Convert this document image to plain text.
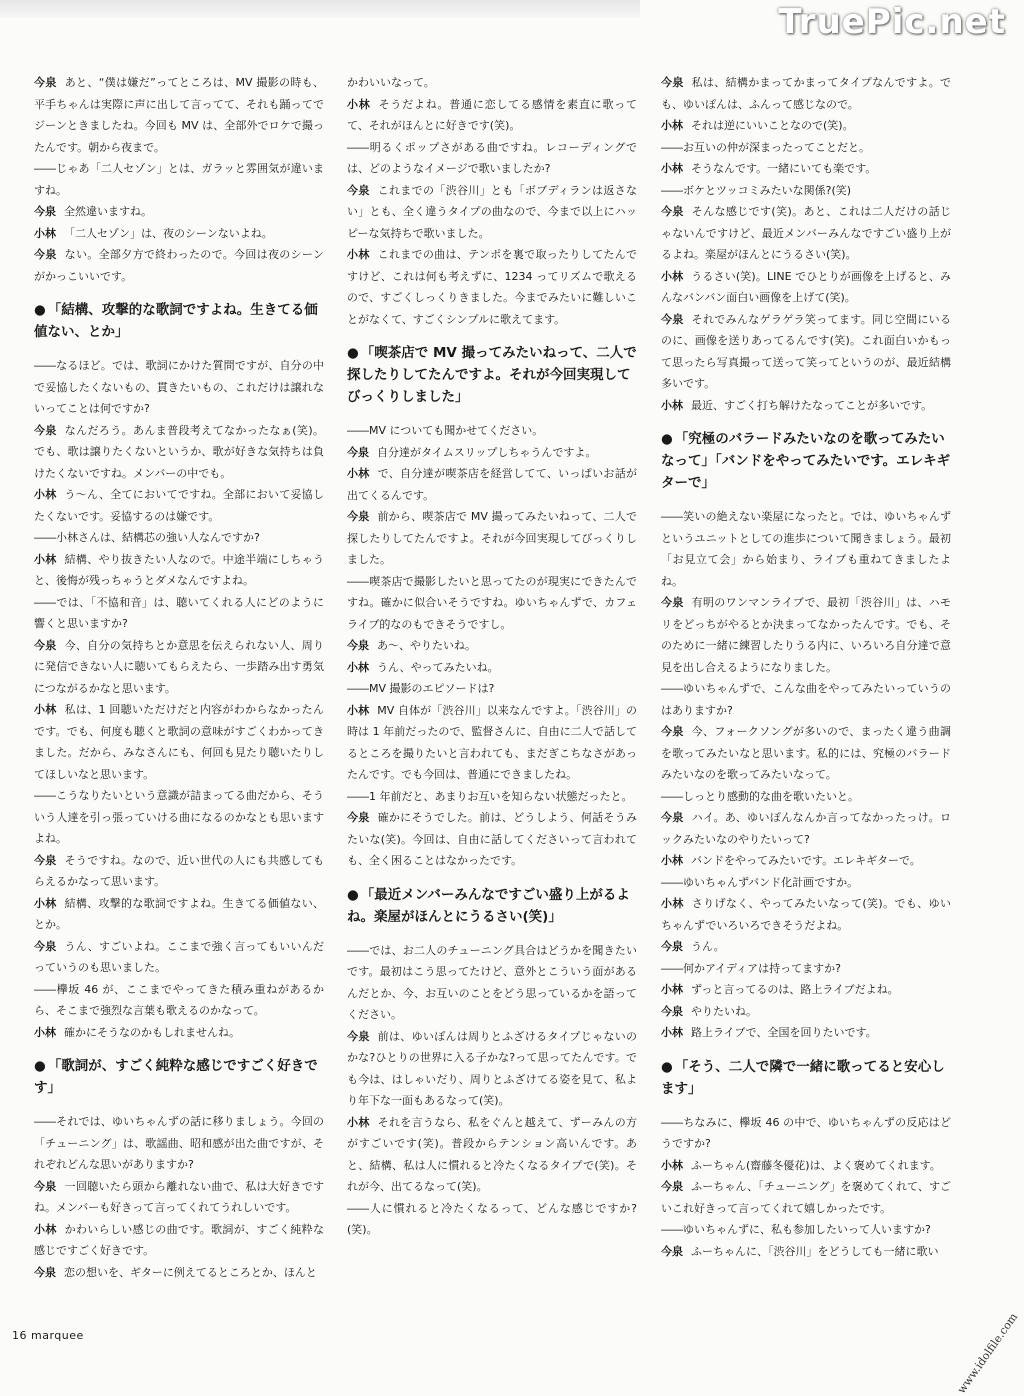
TruePic.net
今泉 あと、“僕は嫌だ”ってところは、MV 撮影の時も、平手ちゃんは実際に声に出して言ってて、それも踊ってでジーンときましたね。今回も MV は、全部外でロケで撮ったんです。朝から夜まで。
――じゃあ「二人セゾン」とは、ガラッと雰囲気が違いますね。
今泉 全然違いますね。
小林 「二人セゾン」は、夜のシーンないよね。
今泉 ない。全部夕方で終わったので。今回は夜のシーンがかっこいいです。
● 「結構、攻撃的な歌詞ですよね。生きてる価値ない、とか」
――なるほど。では、歌詞にかけた質問ですが、自分の中で妥協したくないもの、貫きたいもの、これだけは譲れないってことは何ですか?
今泉 なんだろう。あんま普段考えてなかったなぁ(笑)。でも、歌は譲りたくないというか、歌が好きな気持ちは負けたくないですね。メンバーの中でも。
小林 う〜ん、全てにおいてですね。全部において妥協したくないです。妥協するのは嫌です。
――小林さんは、結構芯の強い人なんですか?
小林 結構、やり抜きたい人なので。中途半端にしちゃうと、後悔が残っちゃうとダメなんですよね。
――では、「不協和音」は、聴いてくれる人にどのように響くと思いますか?
今泉 今、自分の気持ちとか意思を伝えられない人、周りに発信できない人に聴いてもらえたら、一歩踏み出す勇気につながるかなと思います。
小林 私は、1 回聴いただけだと内容がわからなかったんです。でも、何度も聴くと歌詞の意味がすごくわかってきました。だから、みなさんにも、何回も見たり聴いたりしてほしいなと思います。
――こうなりたいという意識が詰まってる曲だから、そういう人達を引っ張っていける曲になるのかなとも思いますよね。
今泉 そうですね。なので、近い世代の人にも共感してもらえるかなって思います。
小林 結構、攻撃的な歌詞ですよね。生きてる価値ない、とか。
今泉 うん、すごいよね。ここまで強く言ってもいいんだっていうのも思いました。
――欅坂 46 が、ここまでやってきた積み重ねがあるから、そこまで強烈な言葉も歌えるのかなって。
小林 確かにそうなのかもしれませんね。
● 「歌詞が、すごく純粋な感じですごく好きです」
――それでは、ゆいちゃんずの話に移りましょう。今回の「チューニング」は、歌謡曲、昭和感が出た曲ですが、それぞれどんな思いがありますか?
今泉 一回聴いたら頭から離れない曲で、私は大好きですね。メンバーも好きって言ってくれてうれしいです。
小林 かわいらしい感じの曲です。歌詞が、すごく純粋な感じですごく好きです。
今泉 恋の想いを、ギターに例えてるところとか、ほんと
かわいいなって。
小林 そうだよね。普通に恋してる感情を素直に歌ってて、それがほんとに好きです(笑)。
――明るくポップさがある曲ですね。レコーディングでは、どのようなイメージで歌いましたか?
今泉 これまでの「渋谷川」とも「ボブディランは返さない」とも、全く違うタイプの曲なので、今まで以上にハッピーな気持ちで歌いました。
小林 これまでの曲は、テンポを裏で取ったりしてたんですけど、これは何も考えずに、1234 ってリズムで歌えるので、すごくしっくりきました。今までみたいに難しいことがなくて、すごくシンプルに歌えてます。
● 「喫茶店で MV 撮ってみたいねって、二人で探したりしてたんですよ。それが今回実現してびっくりしました」
――MV についても聞かせてください。
今泉 自分達がタイムスリップしちゃうんですよ。
小林 で、自分達が喫茶店を経営してて、いっぱいお話が出てくるんです。
今泉 前から、喫茶店で MV 撮ってみたいねって、二人で探したりしてたんですよ。それが今回実現してびっくりしました。
――喫茶店で撮影したいと思ってたのが現実にできたんですね。確かに似合いそうですね。ゆいちゃんずで、カフェライブ的なのもできそうですし。
今泉 あ〜、やりたいね。
小林 うん、やってみたいね。
――MV 撮影のエピソードは?
小林 MV 自体が「渋谷川」以来なんですよ。「渋谷川」の時は 1 年前だったので、監督さんに、自由に二人で話してるところを撮りたいと言われても、まだぎこちなさがあったんです。でも今回は、普通にできましたね。
――1 年前だと、あまりお互いを知らない状態だったと。
今泉 確かにそうでした。前は、どうしよう、何話そうみたいな(笑)。今回は、自由に話してくださいって言われても、全く困ることはなかったです。
● 「最近メンバーみんなですごい盛り上がるよね。楽屋がほんとにうるさい(笑)」
――では、お二人のチューニング具合はどうかを聞きたいです。最初はこう思ってたけど、意外とこういう面があるんだとか、今、お互いのことをどう思っているかを語ってください。
今泉 前は、ゆいぽんは周りとふざけるタイプじゃないのかな?ひとりの世界に入る子かな?って思ってたんです。でも今は、はしゃいだり、周りとふざけてる姿を見て、私より年下な一面もあるなって(笑)。
小林 それを言うなら、私をぐんと越えて、ずーみんの方がすごいです(笑)。普段からテンション高いんです。あと、結構、私は人に慣れると冷たくなるタイプで(笑)。それが今、出てるなって(笑)。
――人に慣れると冷たくなるって、どんな感じですか?(笑)。
今泉 私は、結構かまってかまってタイプなんですよ。でも、ゆいぽんは、ふんって感じなので。
小林 それは逆にいいことなので(笑)。
――お互いの仲が深まったってことだと。
小林 そうなんです。一緒にいても楽です。
――ボケとツッコミみたいな関係?(笑)
今泉 そんな感じです(笑)。あと、これは二人だけの話じゃないんですけど、最近メンバーみんなですごい盛り上がるよね。楽屋がほんとにうるさい(笑)。
小林 うるさい(笑)。LINE でひとりが画像を上げると、みんなバンバン面白い画像を上げて(笑)。
今泉 それでみんなゲラゲラ笑ってます。同じ空間にいるのに、画像を送りあってるんです(笑)。これ面白いかもって思ったら写真撮って送って笑ってというのが、最近結構多いです。
小林 最近、すごく打ち解けたなってことが多いです。
● 「究極のバラードみたいなのを歌ってみたいなって」「バンドをやってみたいです。エレキギターで」
――笑いの絶えない楽屋になったと。では、ゆいちゃんずというユニットとしての進歩について聞きましょう。最初「お見立て会」から始まり、ライブも重ねてきましたよね。
今泉 有明のワンマンライブで、最初「渋谷川」は、ハモリをどっちがやるとか決まってなかったんです。でも、そのために一緒に練習したりうる内に、いろいろ自分達で意見を出し合えるようになりました。
――ゆいちゃんずで、こんな曲をやってみたいっていうのはありますか?
今泉 今、フォークソングが多いので、まったく違う曲調を歌ってみたいなと思います。私的には、究極のバラードみたいなのを歌ってみたいなって。
――しっとり感動的な曲を歌いたいと。
今泉 ハイ。あ、ゆいぽんなんか言ってなかったっけ。ロックみたいなのやりたいって?
小林 バンドをやってみたいです。エレキギターで。
――ゆいちゃんずバンド化計画ですか。
小林 さりげなく、やってみたいなって(笑)。でも、ゆいちゃんずでいろいろできそうだよね。
今泉 うん。
――何かアイディアは持ってますか?
小林 ずっと言ってるのは、路上ライブだよね。
今泉 やりたいね。
小林 路上ライブで、全国を回りたいです。
● 「そう、二人で隣で一緒に歌ってると安心します」
――ちなみに、欅坂 46 の中で、ゆいちゃんずの反応はどうですか?
小林 ふーちゃん(齋藤冬優花)は、よく褒めてくれます。
今泉 ふーちゃん、「チューニング」を褒めてくれて、すごいこれ好きって言ってくれて嬉しかったです。
――ゆいちゃんずに、私も参加したいって人いますか?
今泉 ふーちゃんに、「渋谷川」をどうしても一緒に歌い
16 marquee	www.idolfile.com
